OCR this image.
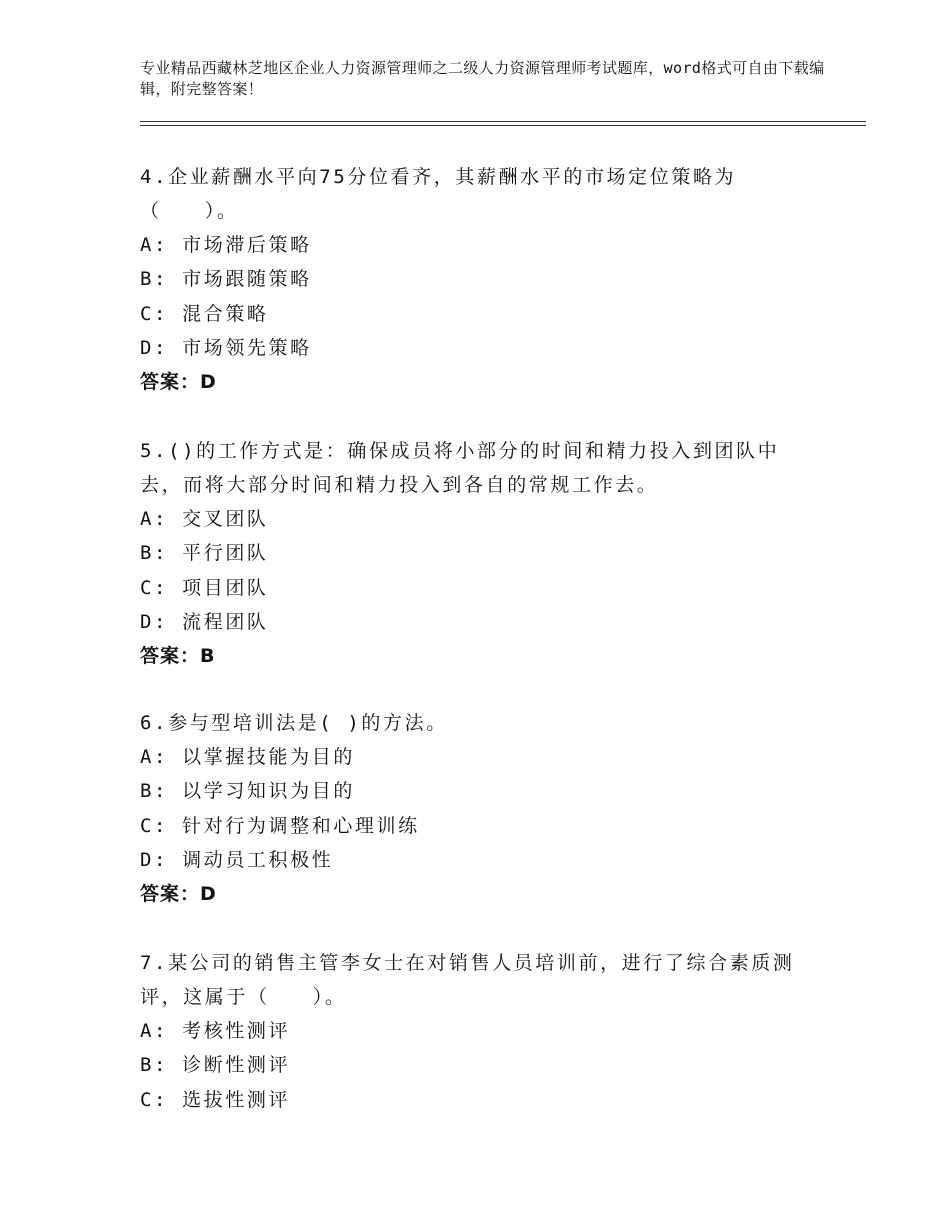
专业精品西藏林芝地区企业人力资源管理师之二级人力资源管理师考试题库，word格式可自由下载编辑，附完整答案！
4.企业薪酬水平向75分位看齐，其薪酬水平的市场定位策略为（　　）。
A: 市场滞后策略
B: 市场跟随策略
C: 混合策略
D: 市场领先策略
答案：D
5.()的工作方式是：确保成员将小部分的时间和精力投入到团队中去，而将大部分时间和精力投入到各自的常规工作去。
A: 交叉团队
B: 平行团队
C: 项目团队
D: 流程团队
答案：B
6.参与型培训法是( )的方法。
A: 以掌握技能为目的
B: 以学习知识为目的
C: 针对行为调整和心理训练
D: 调动员工积极性
答案：D
7.某公司的销售主管李女士在对销售人员培训前，进行了综合素质测评，这属于（　　）。
A: 考核性测评
B: 诊断性测评
C: 选拔性测评
